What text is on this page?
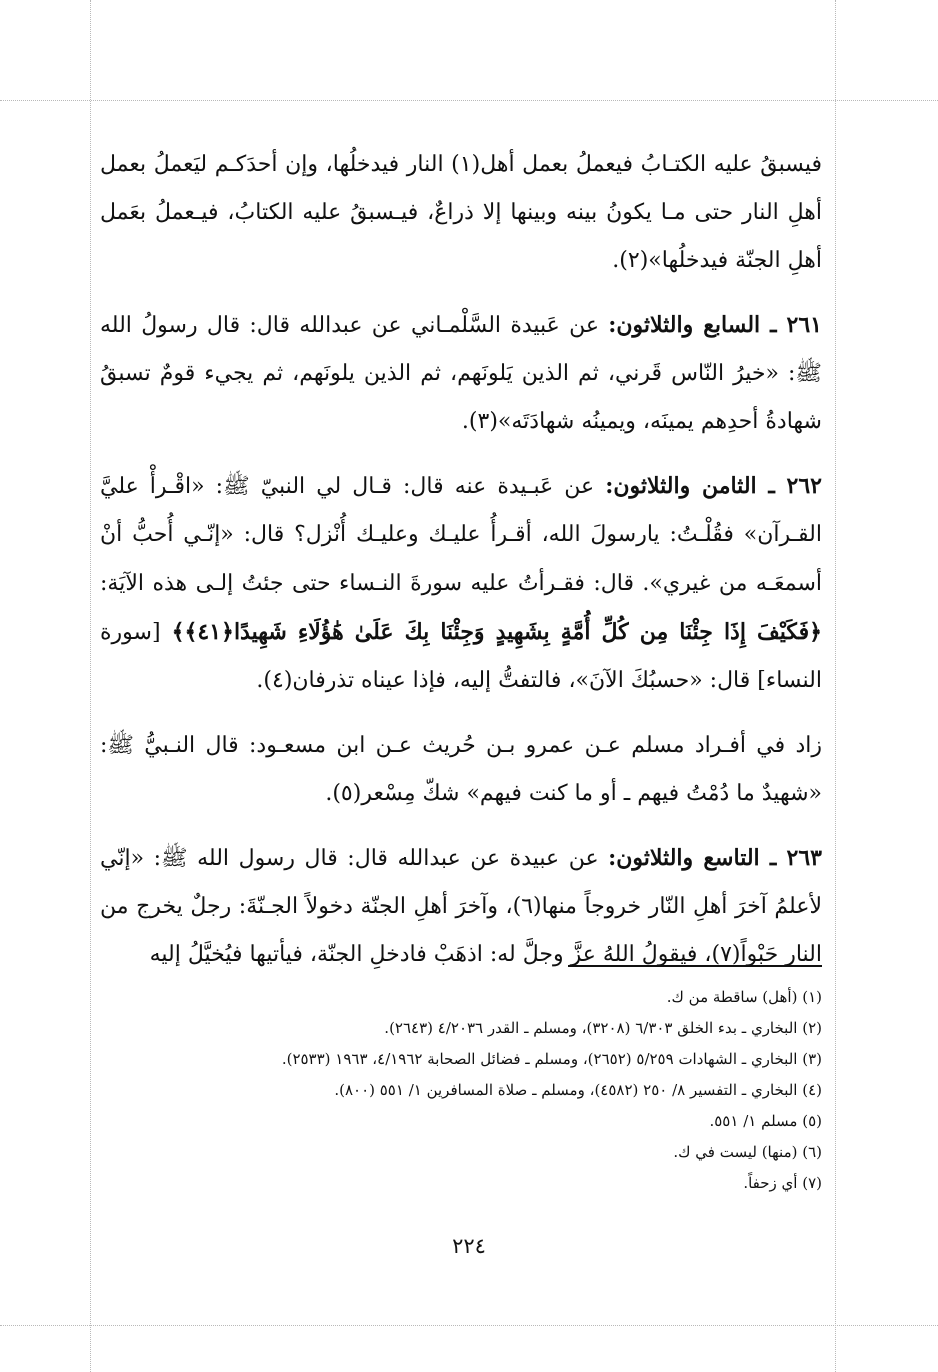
فيسبقُ عليه الكتـابُ فيعملُ بعمل أهل(١) النار فيدخلُها، وإن أحدَكـم ليَعملُ بعمل أهلِ النار حتى مـا يكونُ بينه وبينها إلا ذراعٌ، فيـسبقُ عليه الكتابُ، فيـعملُ بعَمل أهلِ الجنّة فيدخلُها»(٢).

٢٦١ ـ السابع والثلاثون: عن عَبيدة السَّلْمـاني عن عبدالله قال: قال رسولُ الله ﷺ: «خيرُ النّاس قَرني، ثم الذين يَلونَهم، ثم الذين يلونَهم، ثم يجيء قومٌ تسبقُ شهادةُ أحدِهم يمينَه، ويمينُه شهادَتَه»(٣).

٢٦٢ ـ الثامن والثلاثون: عن عَبـيدة عنه قال: قـال لي النبيّ ﷺ: «اقْـرأْ عليَّ القـرآن» فقُلْـتُ: يارسولَ الله، أقـرأُ عليـك وعليـك أُنْزل؟ قال: «إنّـي أُحبُّ أنْ أسمعَـه من غيري». قال: فقـرأتُ عليه سورةَ النـساء حتى جئتُ إلـى هذه الآيَة: ﴿فَكَيْفَ إِذَا جِئْنَا مِن كُلِّ أُمَّةٍ بِشَهِيدٍ وَجِئْنَا بِكَ عَلَىٰ هَٰؤُلَاءِ شَهِيدًا﴿٤١﴾﴾ [سورة النساء] قال: «حسبُكَ الآنَ»، فالتفتُّ إليه، فإذا عيناه تذرفان(٤).

زاد في أفـراد مسلم عـن عمرو بـن حُريث عـن ابن مسعـود: قال النـبيُّ ﷺ: «شهيدٌ ما دُمْتُ فيهم ـ أو ما كنت فيهم» شكّ مِسْعر(٥).

٢٦٣ ـ التاسع والثلاثون: عن عبيدة عن عبدالله قال: قال رسول الله ﷺ: «إنّي لأعلمُ آخرَ أهلِ النّار خروجاً منها(٦)، وآخرَ أهلِ الجنّة دخولاً الجـنّةَ: رجلٌ يخرج من النار حَبْواً(٧)، فيقولُ اللهُ عزَّ وجلَّ له: اذهَبْ فادخلِ الجنّة، فيأتيها فيُخيَّلُ إليه

(١) (أهل) ساقطة من ك.
(٢) البخاري ـ بدء الخلق ٦/٣٠٣ (٣٢٠٨)، ومسلم ـ القدر ٤/٢٠٣٦ (٢٦٤٣).
(٣) البخاري ـ الشهادات ٥/٢٥٩ (٢٦٥٢)، ومسلم ـ فضائل الصحابة ٤/١٩٦٢، ١٩٦٣ (٢٥٣٣).
(٤) البخاري ـ التفسير ٨/ ٢٥٠ (٤٥٨٢)، ومسلم ـ صلاة المسافرين ١/ ٥٥١ (٨٠٠).
(٥) مسلم ١/ ٥٥١.
(٦) (منها) ليست في ك.
(٧) أي زحفاً.
٢٢٤
